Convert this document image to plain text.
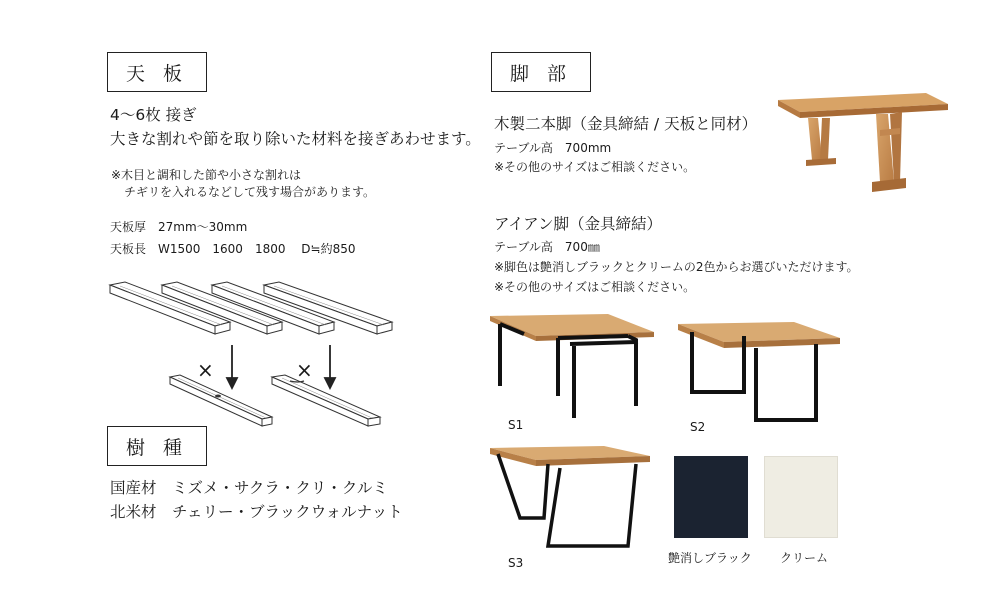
天 板
4〜6枚 接ぎ
大きな割れや節を取り除いた材料を接ぎあわせます。
※木目と調和した節や小さな割れは
チギリを入れるなどして残す場合があります。
天板厚　27mm〜30mm
天板長　W1500　1600　1800　 D≒約850
×	×
樹 種
国産材　ミズメ・サクラ・クリ・クルミ
北米材　チェリー・ブラックウォルナット
脚 部
木製二本脚（金具締結 / 天板と同材）
テーブル高　700mm
※その他のサイズはご相談ください。
アイアン脚（金具締結）
テーブル高　700㎜
※脚色は艶消しブラックとクリームの2色からお選びいただけます。
※その他のサイズはご相談ください。
S1	S2
S3	艶消しブラック クリーム
